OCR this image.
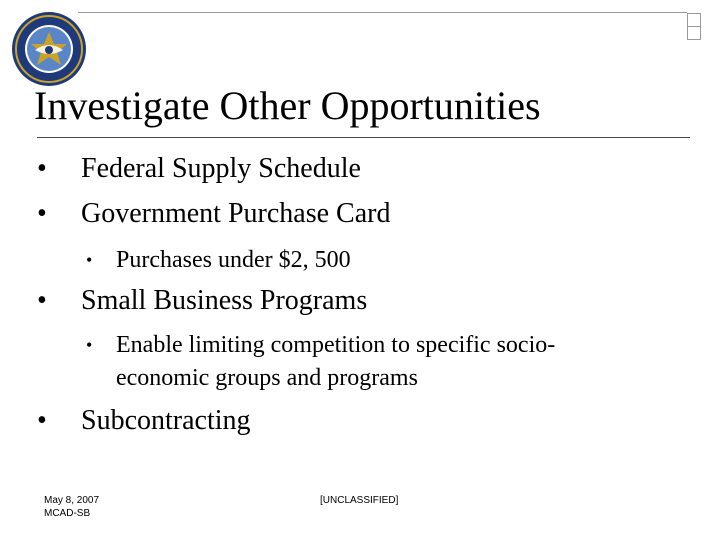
Investigate Other Opportunities
• Federal Supply Schedule
• Government Purchase Card
• Purchases under $2, 500
• Small Business Programs
• Enable limiting competition to specific socio-
economic groups and programs
• Subcontracting
May 8, 2007
MCAD-SB
[UNCLASSIFIED]
